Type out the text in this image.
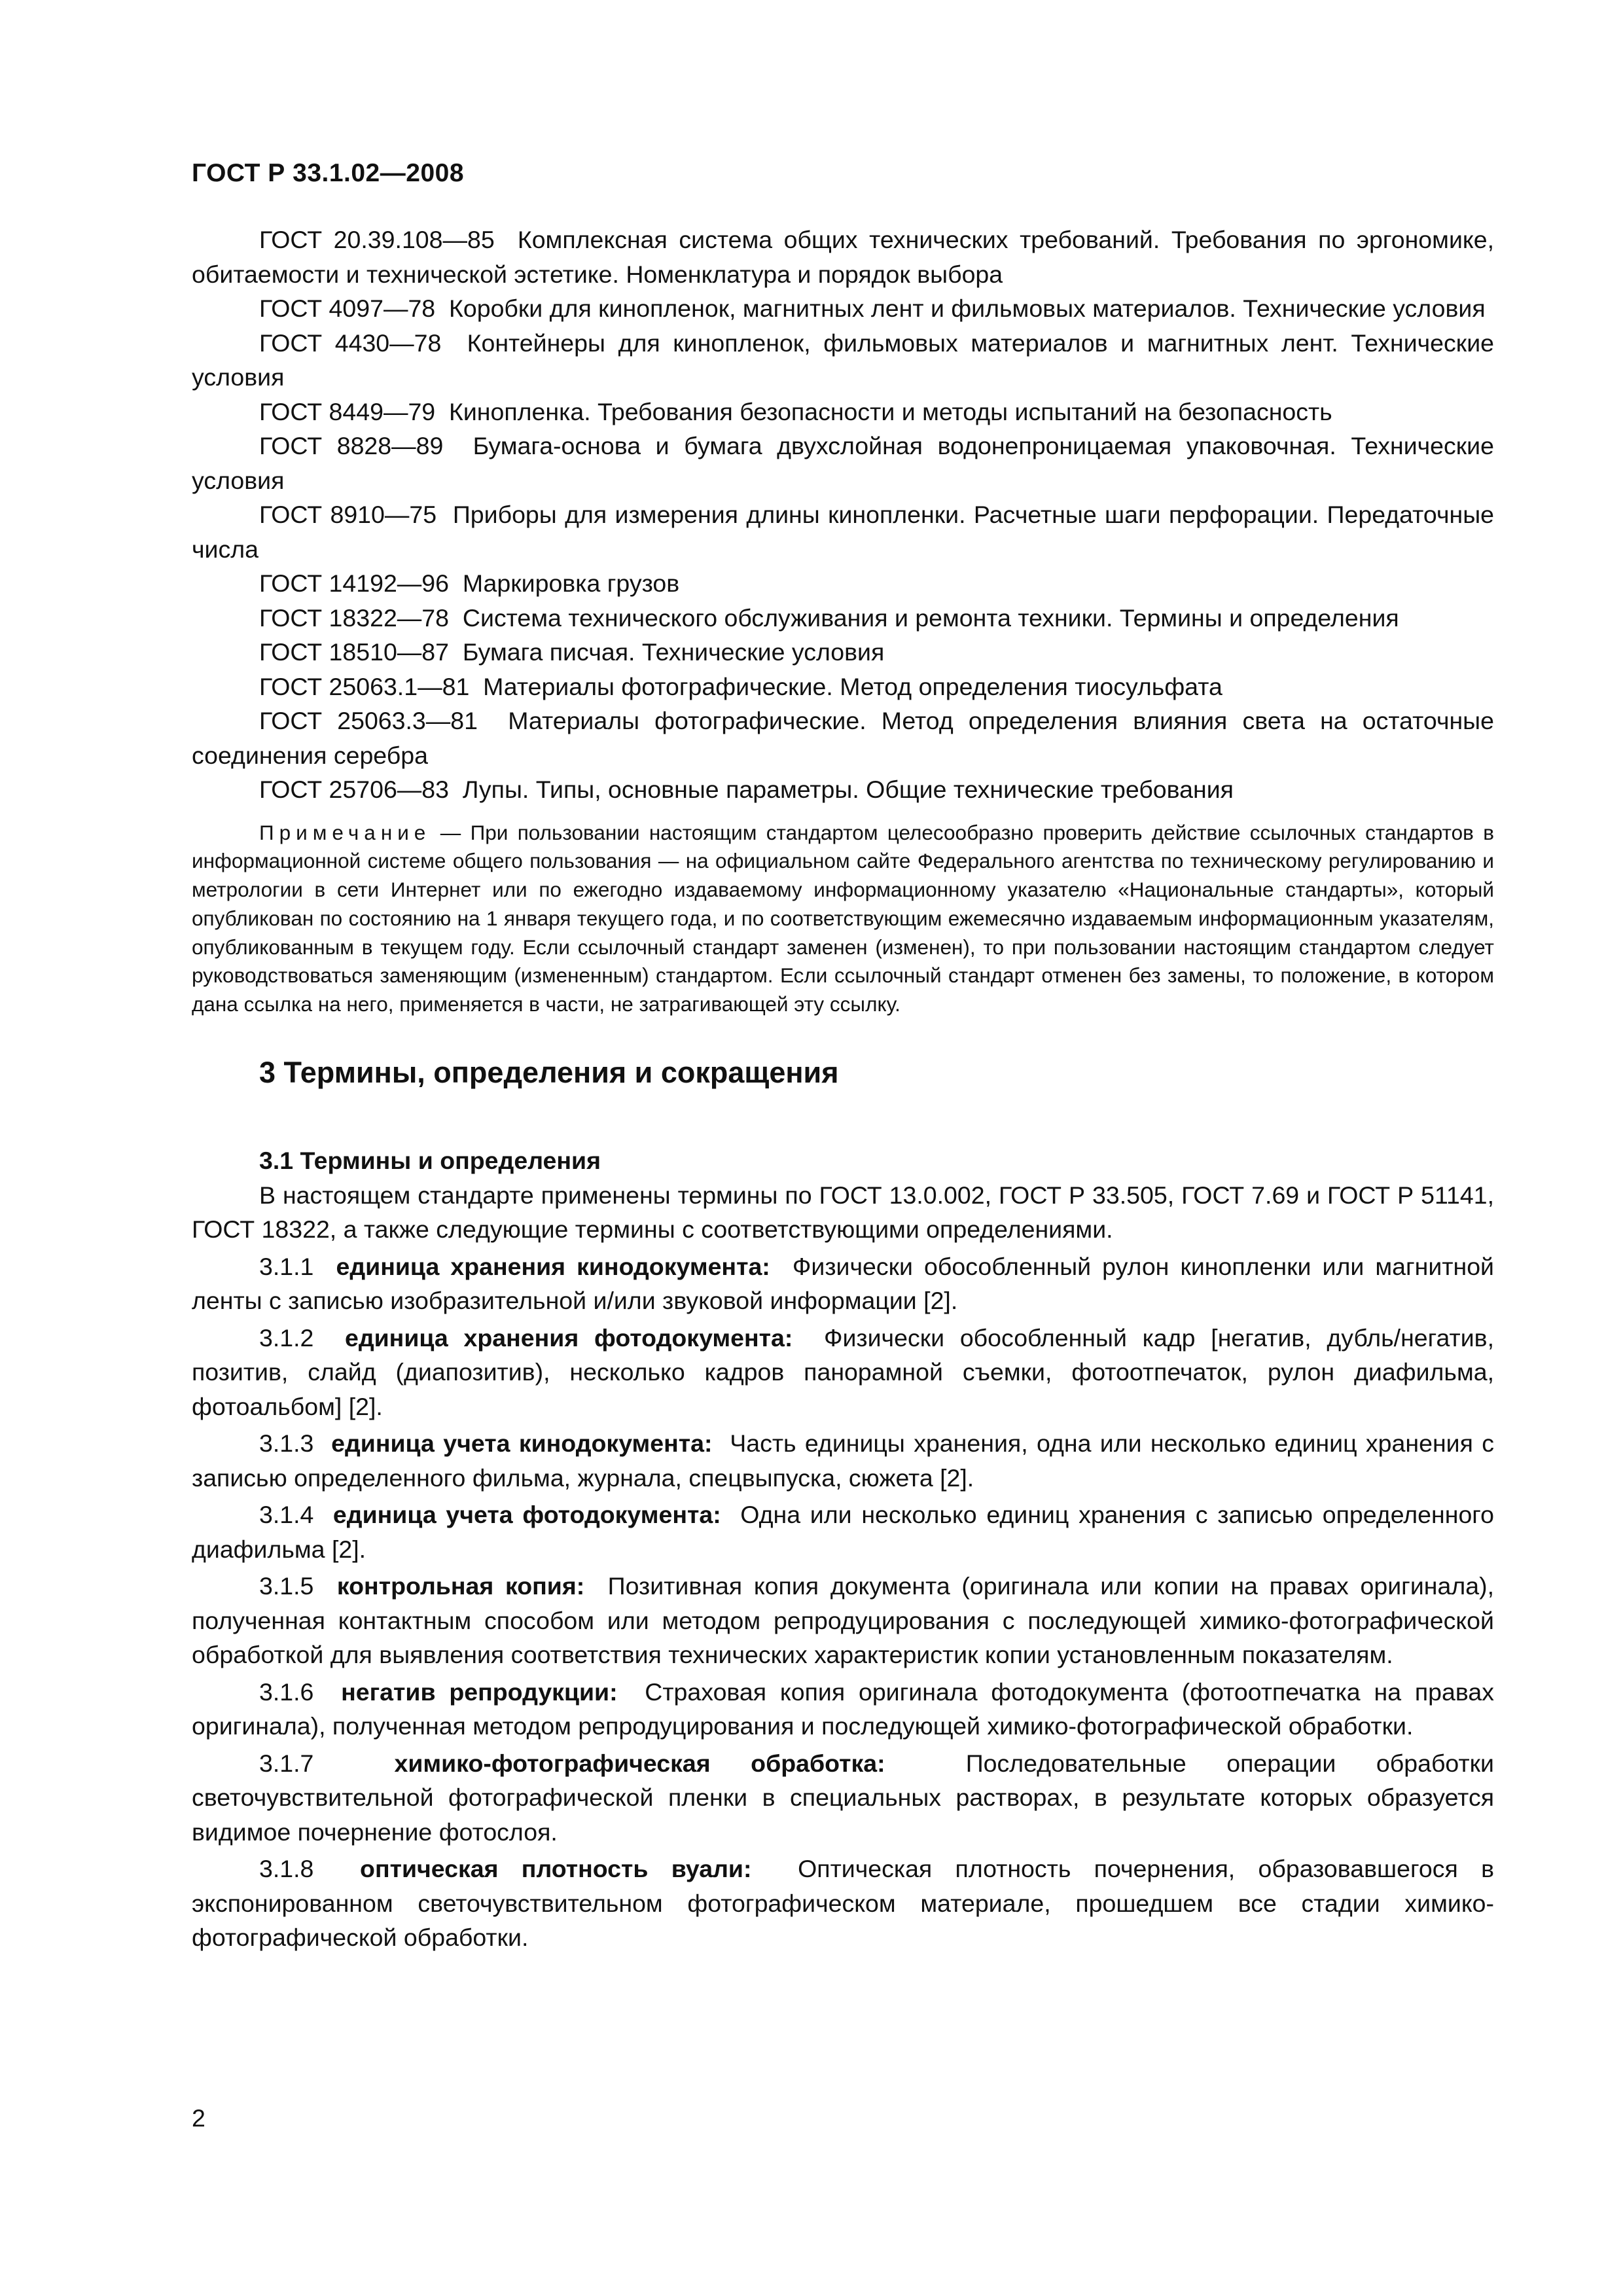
ГОСТ Р 33.1.02—2008

ГОСТ 20.39.108—85 Комплексная система общих технических требований. Требования по эргономике, обитаемости и технической эстетике. Номенклатура и порядок выбора

ГОСТ 4097—78 Коробки для кинопленок, магнитных лент и фильмовых материалов. Технические условия

ГОСТ 4430—78 Контейнеры для кинопленок, фильмовых материалов и магнитных лент. Технические условия

ГОСТ 8449—79 Кинопленка. Требования безопасности и методы испытаний на безопасность

ГОСТ 8828—89 Бумага-основа и бумага двухслойная водонепроницаемая упаковочная. Технические условия

ГОСТ 8910—75 Приборы для измерения длины кинопленки. Расчетные шаги перфорации. Передаточные числа

ГОСТ 14192—96 Маркировка грузов

ГОСТ 18322—78 Система технического обслуживания и ремонта техники. Термины и определения

ГОСТ 18510—87 Бумага писчая. Технические условия

ГОСТ 25063.1—81 Материалы фотографические. Метод определения тиосульфата

ГОСТ 25063.3—81 Материалы фотографические. Метод определения влияния света на остаточные соединения серебра

ГОСТ 25706—83 Лупы. Типы, основные параметры. Общие технические требования

Примечание — При пользовании настоящим стандартом целесообразно проверить действие ссылочных стандартов в информационной системе общего пользования — на официальном сайте Федерального агентства по техническому регулированию и метрологии в сети Интернет или по ежегодно издаваемому информационному указателю «Национальные стандарты», который опубликован по состоянию на 1 января текущего года, и по соответствующим ежемесячно издаваемым информационным указателям, опубликованным в текущем году. Если ссылочный стандарт заменен (изменен), то при пользовании настоящим стандартом следует руководствоваться заменяющим (измененным) стандартом. Если ссылочный стандарт отменен без замены, то положение, в котором дана ссылка на него, применяется в части, не затрагивающей эту ссылку.
3 Термины, определения и сокращения
3.1 Термины и определения

В настоящем стандарте применены термины по ГОСТ 13.0.002, ГОСТ Р 33.505, ГОСТ 7.69 и ГОСТ Р 51141, ГОСТ 18322, а также следующие термины с соответствующими определениями.

3.1.1 единица хранения кинодокумента: Физически обособленный рулон кинопленки или магнитной ленты с записью изобразительной и/или звуковой информации [2].

3.1.2 единица хранения фотодокумента: Физически обособленный кадр [негатив, дубль/негатив, позитив, слайд (диапозитив), несколько кадров панорамной съемки, фотоотпечаток, рулон диафильма, фотоальбом] [2].

3.1.3 единица учета кинодокумента: Часть единицы хранения, одна или несколько единиц хранения с записью определенного фильма, журнала, спецвыпуска, сюжета [2].

3.1.4 единица учета фотодокумента: Одна или несколько единиц хранения с записью определенного диафильма [2].

3.1.5 контрольная копия: Позитивная копия документа (оригинала или копии на правах оригинала), полученная контактным способом или методом репродуцирования с последующей химико-фотографической обработкой для выявления соответствия технических характеристик копии установленным показателям.

3.1.6 негатив репродукции: Страховая копия оригинала фотодокумента (фотоотпечатка на правах оригинала), полученная методом репродуцирования и последующей химико-фотографической обработки.

3.1.7	химико-фотографическая обработка:	Последовательные операции обработки светочувствительной фотографической пленки в специальных растворах, в результате которых образуется видимое почернение фотослоя.

3.1.8 оптическая плотность вуали: Оптическая плотность почернения, образовавшегося в экспонированном светочувствительном фотографическом материале, прошедшем все стадии химико-фотографической обработки.

2
